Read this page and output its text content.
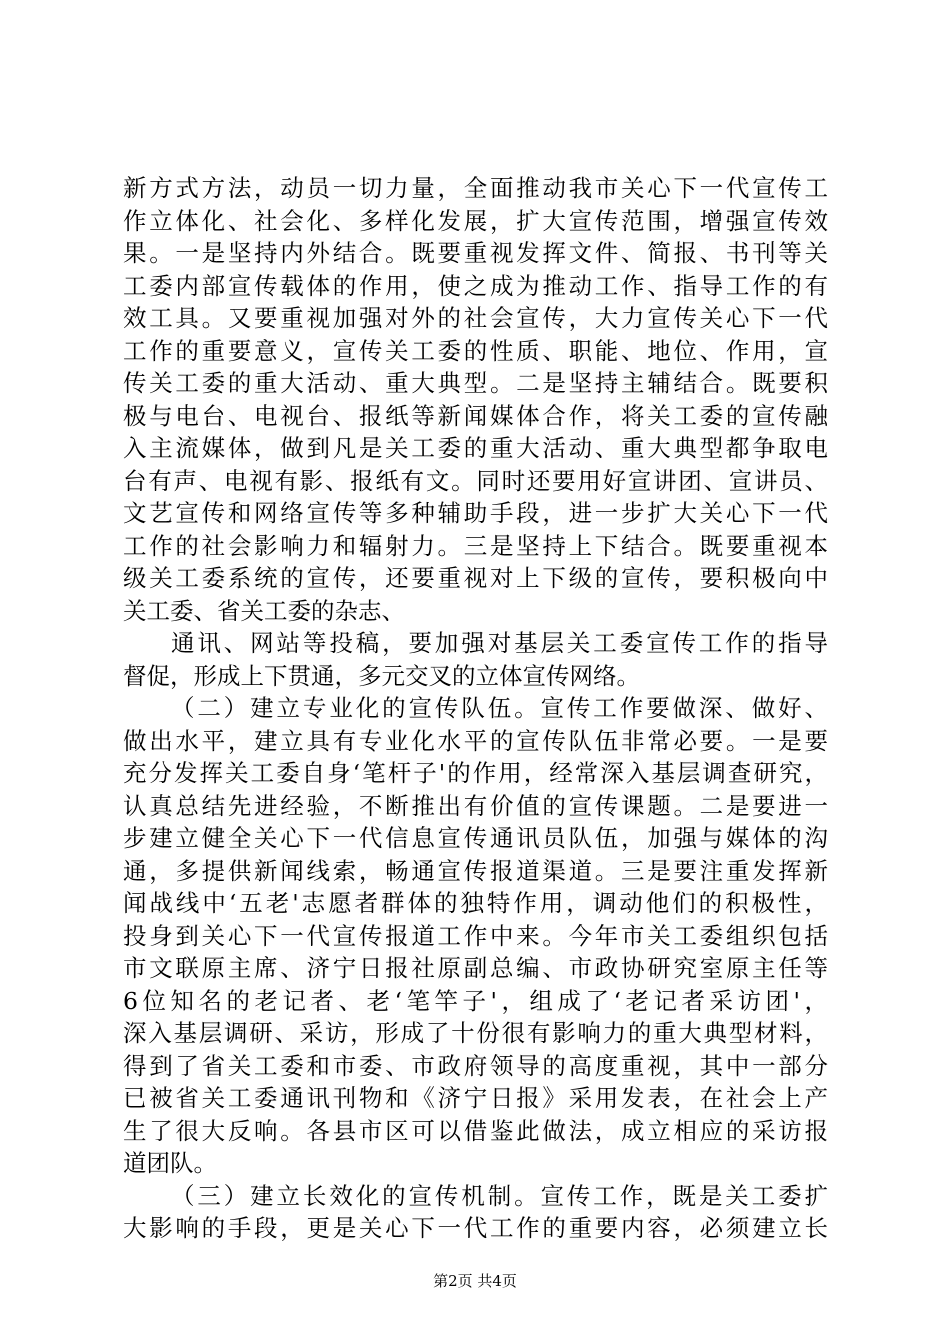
新方式方法，动员一切力量，全面推动我市关心下一代宣传工
作立体化、社会化、多样化发展，扩大宣传范围，增强宣传效
果。一是坚持内外结合。既要重视发挥文件、简报、书刊等关
工委内部宣传载体的作用，使之成为推动工作、指导工作的有
效工具。又要重视加强对外的社会宣传，大力宣传关心下一代
工作的重要意义，宣传关工委的性质、职能、地位、作用，宣
传关工委的重大活动、重大典型。二是坚持主辅结合。既要积
极与电台、电视台、报纸等新闻媒体合作，将关工委的宣传融
入主流媒体，做到凡是关工委的重大活动、重大典型都争取电
台有声、电视有影、报纸有文。同时还要用好宣讲团、宣讲员、
文艺宣传和网络宣传等多种辅助手段，进一步扩大关心下一代
工作的社会影响力和辐射力。三是坚持上下结合。既要重视本
级关工委系统的宣传，还要重视对上下级的宣传，要积极向中
关工委、省关工委的杂志、
通讯、网站等投稿，要加强对基层关工委宣传工作的指导
督促，形成上下贯通，多元交叉的立体宣传网络。
（二）建立专业化的宣传队伍。宣传工作要做深、做好、
做出水平，建立具有专业化水平的宣传队伍非常必要。一是要
充分发挥关工委自身‘笔杆子'的作用，经常深入基层调查研究，
认真总结先进经验，不断推出有价值的宣传课题。二是要进一
步建立健全关心下一代信息宣传通讯员队伍，加强与媒体的沟
通，多提供新闻线索，畅通宣传报道渠道。三是要注重发挥新
闻战线中‘五老'志愿者群体的独特作用，调动他们的积极性，
投身到关心下一代宣传报道工作中来。今年市关工委组织包括
市文联原主席、济宁日报社原副总编、市政协研究室原主任等
6位知名的老记者、老‘笔竿子'，组成了‘老记者采访团'，
深入基层调研、采访，形成了十份很有影响力的重大典型材料，
得到了省关工委和市委、市政府领导的高度重视，其中一部分
已被省关工委通讯刊物和《济宁日报》采用发表，在社会上产
生了很大反响。各县市区可以借鉴此做法，成立相应的采访报
道团队。
（三）建立长效化的宣传机制。宣传工作，既是关工委扩
大影响的手段，更是关心下一代工作的重要内容，必须建立长
第2页 共4页
